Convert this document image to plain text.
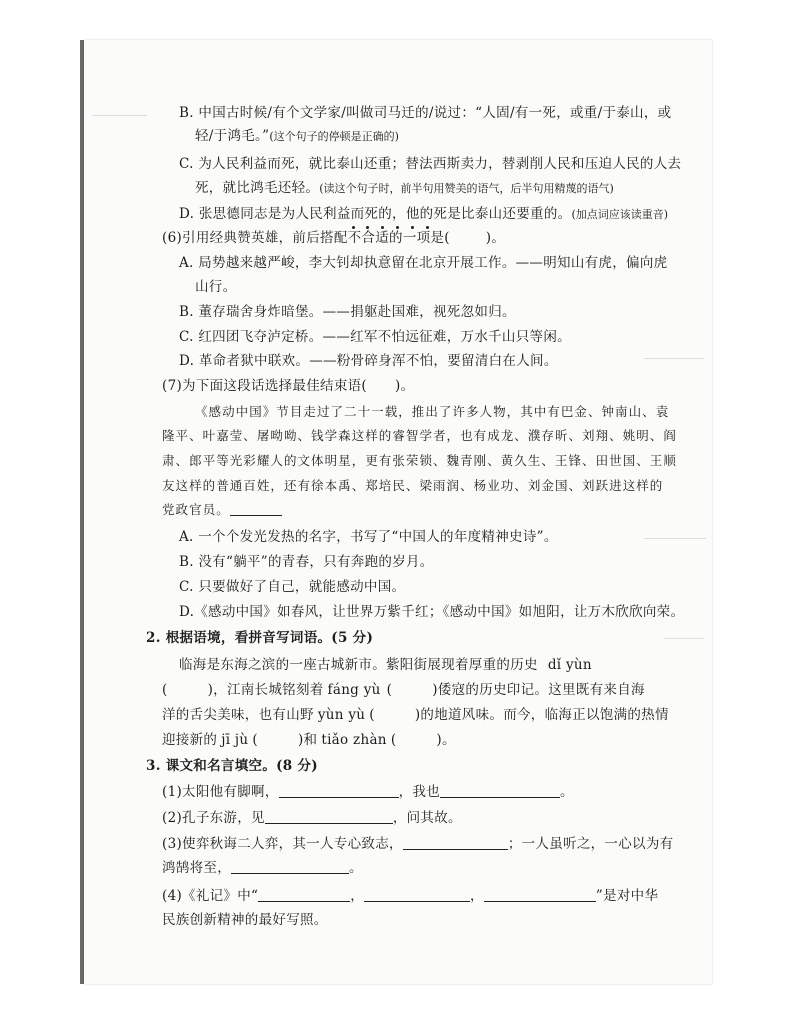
B. 中国古时候/有个文学家/叫做司马迁的/说过：“人固/有一死，或重/于泰山，或
轻/于鸿毛。”(这个句子的停顿是正确的)
C. 为人民利益而死，就比泰山还重；替法西斯卖力，替剥削人民和压迫人民的人去
死，就比鸿毛还轻。(读这个句子时，前半句用赞美的语气，后半句用精蔑的语气)
D. 张思德同志是为人民利益而死的，他的死是比泰山还要重的。(加点词应该读重音)
(6)引用经典赞英雄，前后搭配不合适的一项是(	)。
A. 局势越来越严峻，李大钊却执意留在北京开展工作。——明知山有虎，偏向虎
山行。
B. 董存瑞舍身炸暗堡。——捐躯赴国难，视死忽如归。
C. 红四团飞夺泸定桥。——红军不怕远征难，万水千山只等闲。
D. 革命者狱中联欢。——粉骨碎身浑不怕，要留清白在人间。
(7)为下面这段话选择最佳结束语( )。
《感动中国》节目走过了二十一载，推出了许多人物，其中有巴金、钟南山、袁
隆平、叶嘉莹、屠呦呦、钱学森这样的睿智学者，也有成龙、濮存昕、刘翔、姚明、阎
肃、郎平等光彩耀人的文体明星，更有张荣锁、魏青刚、黄久生、王锋、田世国、王顺
友这样的普通百姓，还有徐本禹、郑培民、梁雨润、杨业功、刘金国、刘跃进这样的
党政官员。
A. 一个个发光发热的名字，书写了“中国人的年度精神史诗”。
B. 没有“躺平”的青春，只有奔跑的岁月。
C. 只要做好了自己，就能感动中国。
D.《感动中国》如春风，让世界万紫千红；《感动中国》如旭阳，让万木欣欣向荣。
2. 根据语境，看拼音写词语。(5 分)
临海是东海之滨的一座古城新市。紫阳街展现着厚重的历史 dǐ yùn
(	)，江南长城铭刻着 fáng yù (	)倭寇的历史印记。这里既有来自海
洋的舌尖美味，也有山野 yùn yù (	)的地道风味。而今，临海正以饱满的热情
迎接新的 jī jù (	)和 tiǎo zhàn (	)。
3. 课文和名言填空。(8 分)
(1)太阳他有脚啊，	，我也	。
(2)孔子东游，见	，问其故。
(3)使弈秋诲二人弈，其一人专心致志，	；一人虽听之，一心以为有
鸿鹄将至，	。
(4)《礼记》中“	，	，	”是对中华
民族创新精神的最好写照。
